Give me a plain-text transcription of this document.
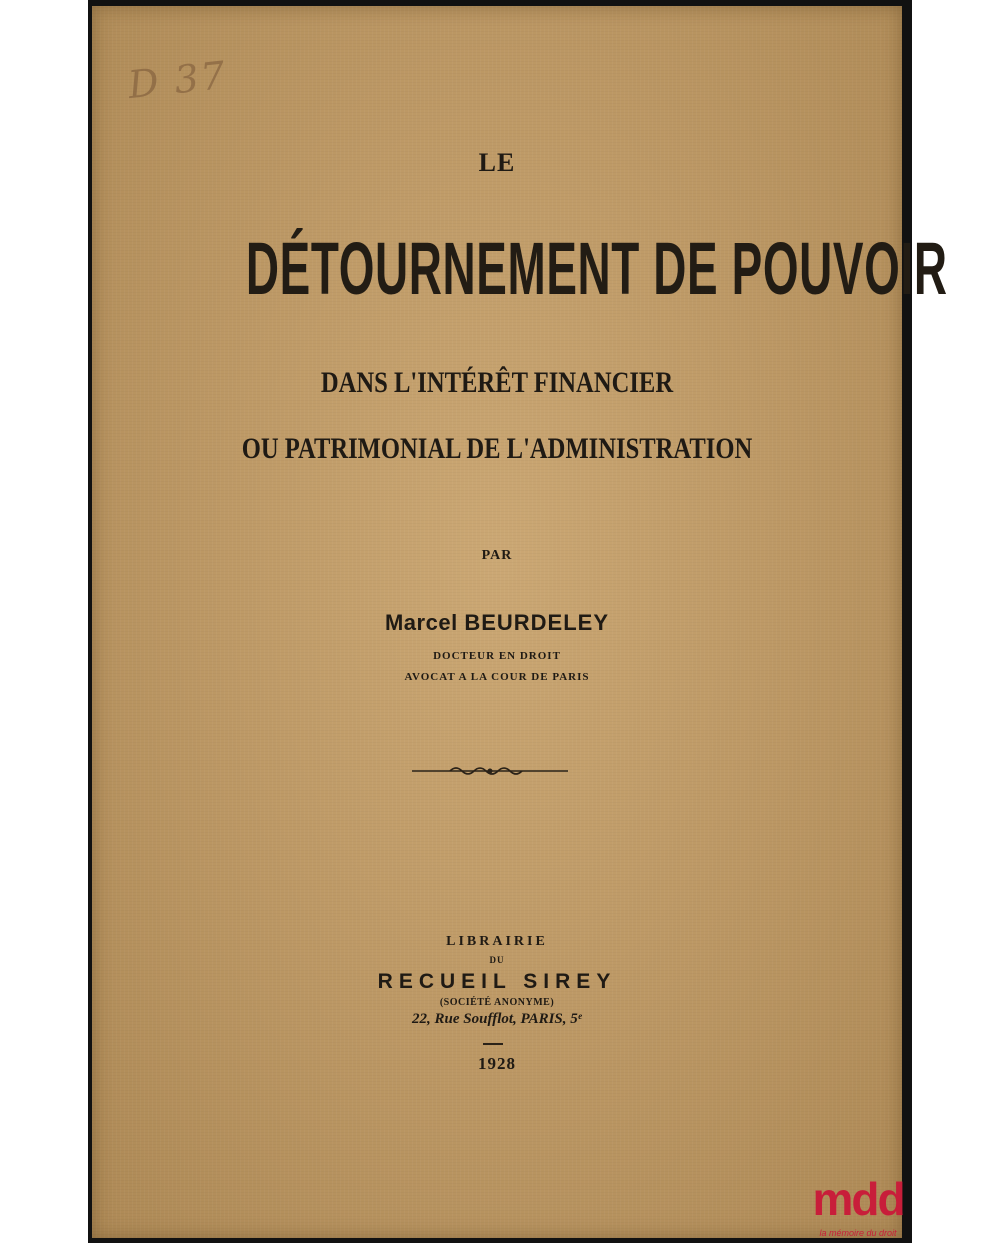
D 37

LE

DÉTOURNEMENT DE POUVOIR

DANS L'INTÉRÊT FINANCIER

OU PATRIMONIAL DE L'ADMINISTRATION

PAR

Marcel BEURDELEY

DOCTEUR EN DROIT

AVOCAT A LA COUR DE PARIS

LIBRAIRIE

DU

RECUEIL SIREY

(SOCIÉTÉ ANONYME)

22, Rue Soufflot, PARIS, 5ᵉ

1928

mdd
la mémoire du droit
